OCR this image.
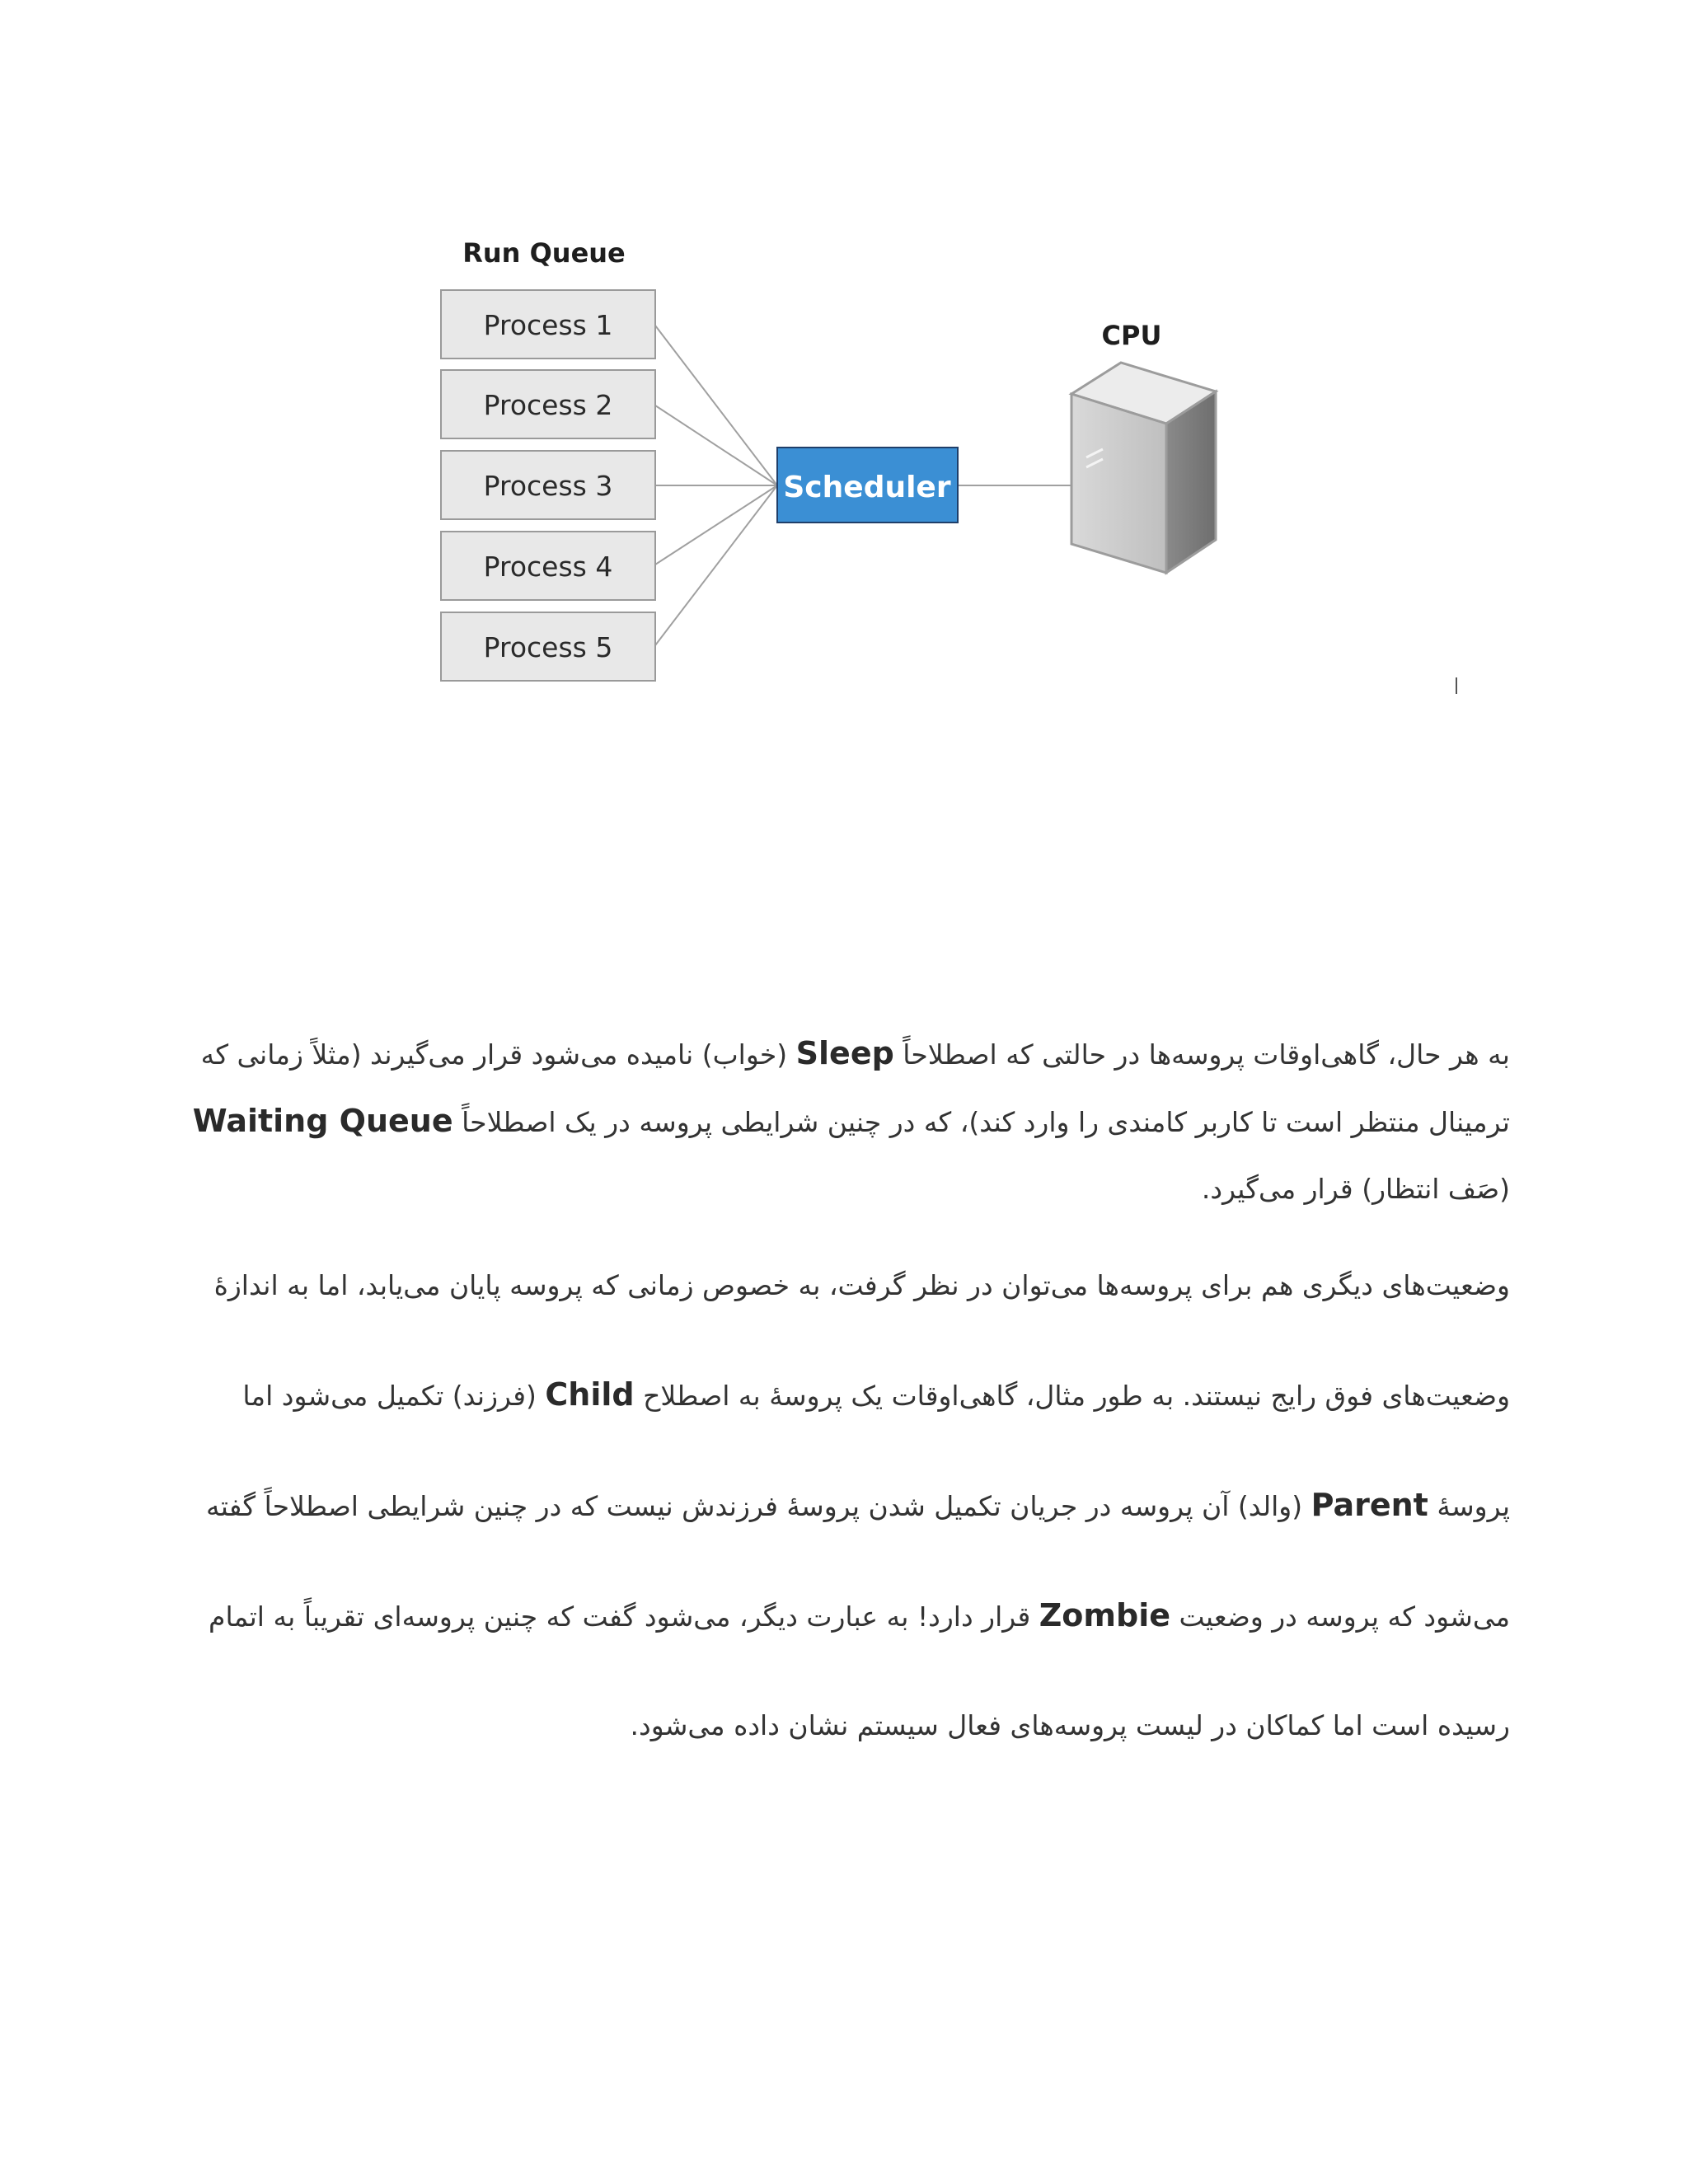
Run Queue
Process 1
Process 2
Process 3
Process 4
Process 5
Scheduler
CPU

به هر حال، گاهی‌اوقات پروسه‌ها در حالتی که اصطلاحاً Sleep (خواب) نامیده می‌شود قرار می‌گیرند (مثلاً زمانی که ترمینال منتظر است تا کاربر کامندی را وارد کند)، که در چنین شرایطی پروسه در یک اصطلاحاً Waiting Queue (صَف انتظار) قرار می‌گیرد.

وضعیت‌های دیگری هم برای پروسه‌ها می‌توان در نظر گرفت، به خصوص زمانی که پروسه پایان می‌یابد، اما به اندازهٔ وضعیت‌های فوق رایج نیستند. به طور مثال، گاهی‌اوقات یک پروسهٔ به اصطلاح Child (فرزند) تکمیل می‌شود اما پروسهٔ Parent (والد) آن پروسه در جریان تکمیل شدن پروسهٔ فرزندش نیست که در چنین شرایطی اصطلاحاً گفته می‌شود که پروسه در وضعیت Zombie قرار دارد! به عبارت دیگر، می‌شود گفت که چنین پروسه‌ای تقریباً به اتمام رسیده است اما کماکان در لیست پروسه‌های فعال سیستم نشان داده می‌شود.
